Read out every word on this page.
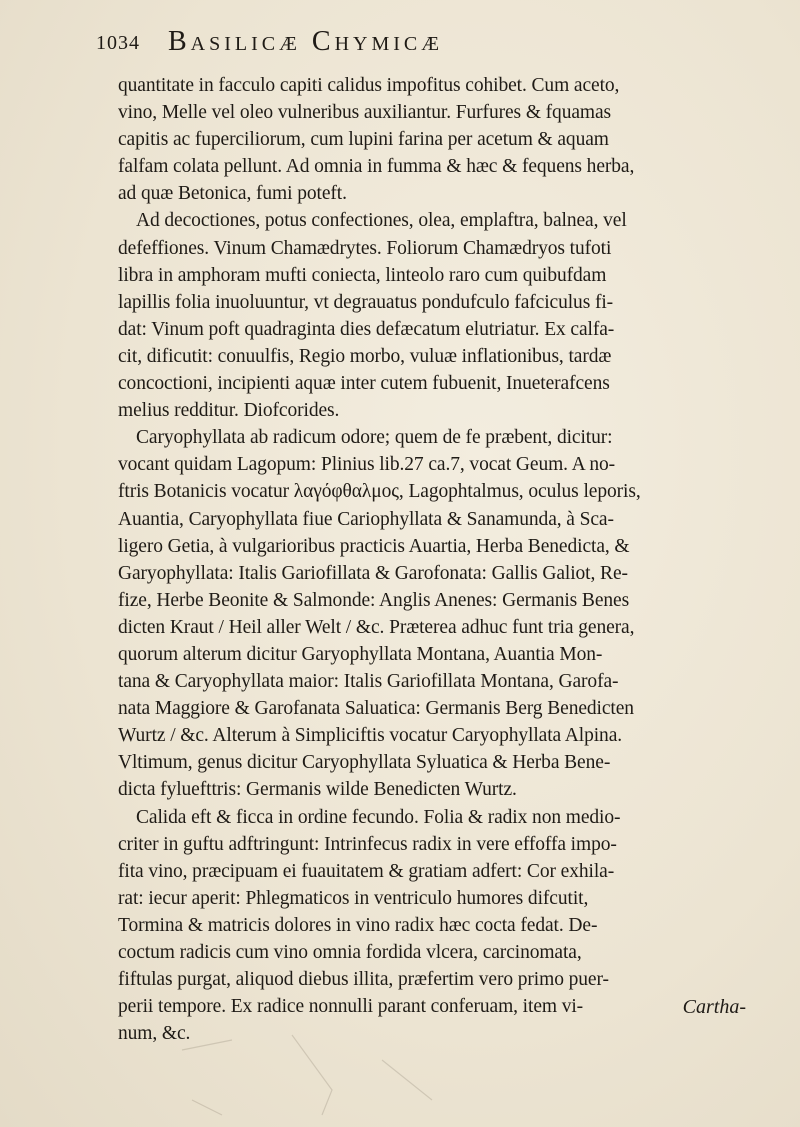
1034 Basilicæ Chymicæ
quantitate in facculo capiti calidus impofitus cohibet. Cum aceto,
vino, Melle vel oleo vulneribus auxiliantur. Furfures & fquamas
capitis ac fuperciliorum, cum lupini farina per acetum & aquam
falfam colata pellunt. Ad omnia in fumma & hæc & fequens herba,
ad quæ Betonica, fumi poteft.
Ad decoctiones, potus confectiones, olea, emplaftra, balnea, vel
defeffiones. Vinum Chamædrytes. Foliorum Chamædryos tufoti
libra in amphoram mufti coniecta, linteolo raro cum quibufdam
lapillis folia inuoluuntur, vt degrauatus pondufculo fafciculus fi-
dat: Vinum poft quadraginta dies defæcatum elutriatur. Ex calfa-
cit, dificutit: conuulfis, Regio morbo, vuluæ inflationibus, tardæ
concoctioni, incipienti aquæ inter cutem fubuenit, Inueterafcens
melius redditur. Diofcorides.
Caryophyllata ab radicum odore; quem de fe præbent, dicitur:
vocant quidam Lagopum: Plinius lib.27 ca.7, vocat Geum. A no-
ftris Botanicis vocatur λαγόφθαλμος, Lagophtalmus, oculus leporis,
Auantia, Caryophyllata fiue Cariophyllata & Sanamunda, à Sca-
ligero Getia, à vulgarioribus practicis Auartia, Herba Benedicta, &
Garyophyllata: Italis Gariofillata & Garofonata: Gallis Galiot, Re-
fize, Herbe Beonite & Salmonde: Anglis Anenes: Germanis Benes
dicten Kraut / Heil aller Welt / &c. Præterea adhuc funt tria genera,
quorum alterum dicitur Garyophyllata Montana, Auantia Mon-
tana & Caryophyllata maior: Italis Gariofillata Montana, Garofa-
nata Maggiore & Garofanata Saluatica: Germanis Berg Benedicten
Wurtz / &c. Alterum à Simpliciftis vocatur Caryophyllata Alpina.
Vltimum, genus dicitur Caryophyllata Syluatica & Herba Bene-
dicta fyluefttris: Germanis wilde Benedicten Wurtz.
Calida eft & ficca in ordine fecundo. Folia & radix non medio-
criter in guftu adftringunt: Intrinfecus radix in vere effoffa impo-
fita vino, præcipuam ei fuauitatem & gratiam adfert: Cor exhila-
rat: iecur aperit: Phlegmaticos in ventriculo humores difcutit,
Tormina & matricis dolores in vino radix hæc cocta fedat. De-
coctum radicis cum vino omnia fordida vlcera, carcinomata,
fiftulas purgat, aliquod diebus illita, præfertim vero primo puer-
perii tempore. Ex radice nonnulli parant conferuam, item vi-
num, &c.
Cartha-
